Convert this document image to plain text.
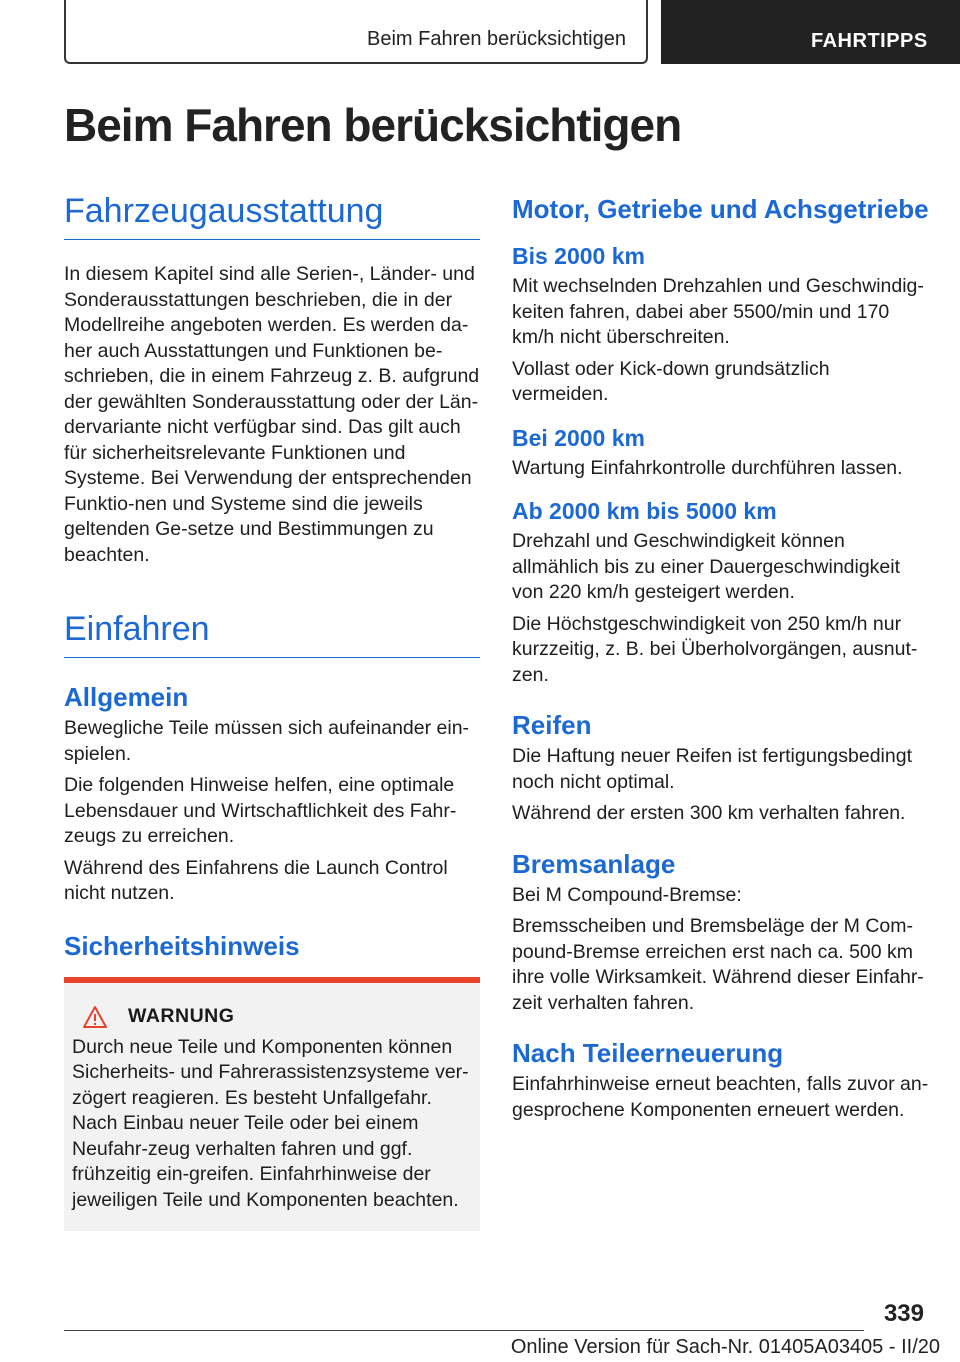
Beim Fahren berücksichtigen	FAHRTIPPS
Beim Fahren berücksichtigen
Fahrzeugausstattung

In diesem Kapitel sind alle Serien-, Länder- und Sonderausstattungen beschrieben, die in der Modellreihe angeboten werden. Es werden da-her auch Ausstattungen und Funktionen be-schrieben, die in einem Fahrzeug z. B. aufgrund der gewählten Sonderausstattung oder der Län-dervariante nicht verfügbar sind. Das gilt auch für sicherheitsrelevante Funktionen und Systeme. Bei Verwendung der entsprechenden Funktio-nen und Systeme sind die jeweils geltenden Ge-setze und Bestimmungen zu beachten.

Einfahren
Allgemein

Bewegliche Teile müssen sich aufeinander ein-spielen.

Die folgenden Hinweise helfen, eine optimale Lebensdauer und Wirtschaftlichkeit des Fahr-zeugs zu erreichen.

Während des Einfahrens die Launch Control nicht nutzen.

Sicherheitshinweis
WARNUNG

Durch neue Teile und Komponenten können Sicherheits- und Fahrerassistenzsysteme ver-zögert reagieren. Es besteht Unfallgefahr. Nach Einbau neuer Teile oder bei einem Neufahr-zeug verhalten fahren und ggf. frühzeitig ein-greifen. Einfahrhinweise der jeweiligen Teile und Komponenten beachten.

Motor, Getriebe und Achsgetriebe
Bis 2000 km

Mit wechselnden Drehzahlen und Geschwindig-keiten fahren, dabei aber 5500/min und 170 km/h nicht überschreiten.

Vollast oder Kick-down grundsätzlich vermeiden.

Bei 2000 km

Wartung Einfahrkontrolle durchführen lassen.

Ab 2000 km bis 5000 km

Drehzahl und Geschwindigkeit können allmählich bis zu einer Dauergeschwindigkeit von 220 km/h gesteigert werden.

Die Höchstgeschwindigkeit von 250 km/h nur kurzzeitig, z. B. bei Überholvorgängen, ausnut-zen.

Reifen

Die Haftung neuer Reifen ist fertigungsbedingt noch nicht optimal.

Während der ersten 300 km verhalten fahren.

Bremsanlage

Bei M Compound-Bremse:

Bremsscheiben und Bremsbeläge der M Com-pound-Bremse erreichen erst nach ca. 500 km ihre volle Wirksamkeit. Während dieser Einfahr-zeit verhalten fahren.

Nach Teileerneuerung

Einfahrhinweise erneut beachten, falls zuvor an-gesprochene Komponenten erneuert werden.

339
Online Version für Sach-Nr. 01405A03405 - II/20
